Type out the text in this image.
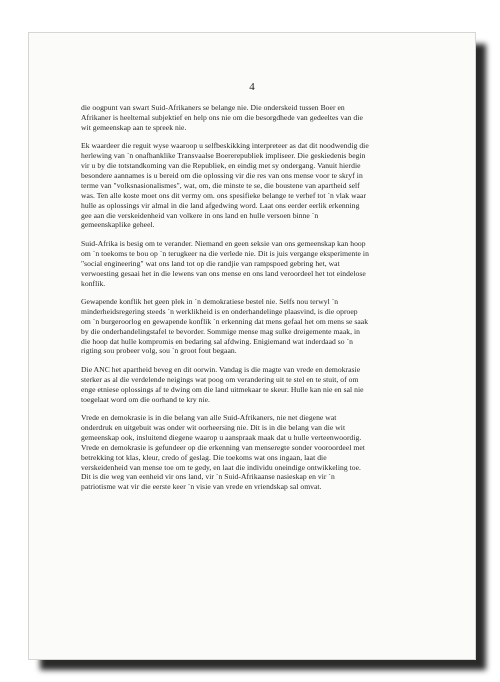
4

die oogpunt van swart Suid-Afrikaners se belange nie. Die onderskeid tussen Boer en
Afrikaner is heeltemal subjektief en help ons nie om die besorgdhede van gedeeltes van die
wit gemeenskap aan te spreek nie.

Ek waardeer die reguit wyse waaroop u selfbeskikking interpreteer as dat dit noodwendig die
herlewing van `n onafhanklike Transvaalse Boererepubliek impliseer. Die geskiedenis begin
vir u by die totstandkoming van die Republiek, en eindig met sy ondergang. Vanuit hierdie
besondere aannames is u bereid om die oplossing vir die res van ons mense voor te skryf in
terme van "volksnasionalismes", wat, om, die minste te se, die boustene van apartheid self
was. Ten alle koste moet ons dit vermy om. ons spesifieke belange te verhef tot `n vlak waar
hulle as oplossings vir almal in die land afgedwing word. Laat ons eerder eerlik erkenning
gee aan die verskeidenheid van volkere in ons land en hulle versoen binne `n
gemeenskaplike geheel.

Suid-Afrika is besig om te verander. Niemand en geen seksie van ons gemeenskap kan hoop
om `n toekoms te bou op `n terugkeer na die verlede nie. Dit is juis vergange eksperimente in
"social engineering" wat ons land tot op die randjie van rampspoed gebring het, wat
verwoesting gesaai het in die lewens van ons mense en ons land veroordeel het tot eindelose
konflik.

Gewapende konflik het geen plek in `n demokratiese bestel nie. Selfs nou terwyl `n
minderheidsregering steeds `n werklikheid is en onderhandelinge plaasvind, is die oproep
om `n burgeroorlog en gewapende konflik `n erkenning dat mens gefaal het om mens se saak
by die onderhandelingstafel te bevorder. Sommige mense mag sulke dreigemente maak, in
die hoop dat hulle kompromis en bedaring sal afdwing. Enigiemand wat inderdaad so `n
rigting sou probeer volg, sou `n groot fout begaan.

Die ANC het apartheid beveg en dit oorwin. Vandag is die magte van vrede en demokrasie
sterker as al die verdelende neigings wat poog om verandering uit te stel en te stuit, of om
enge etniese oplossings af te dwing om die land uitmekaar te skeur. Hulle kan nie en sal nie
toegelaat word om die oorhand te kry nie.

Vrede en demokrasie is in die belang van alle Suid-Afrikaners, nie net diegene wat
onderdruk en uitgebuit was onder wit oorheersing nie. Dit is in die belang van die wit
gemeenskap ook, insluitend diegene waarop u aanspraak maak dat u hulle verteenwoordig.
Vrede en demokrasie is gefundeer op die erkenning van menseregte sonder vooroordeel met
betrekking tot klas, kleur, credo of geslag. Die toekoms wat ons ingaan, laat die
verskeidenheid van mense toe om te gedy, en laat die individu oneindige ontwikkeling toe.
Dit is die weg van eenheid vir ons land, vir `n Suid-Afrikaanse nasieskap en vir `n
patriotisme wat vir die eerste keer `n visie van vrede en vriendskap sal omvat.
